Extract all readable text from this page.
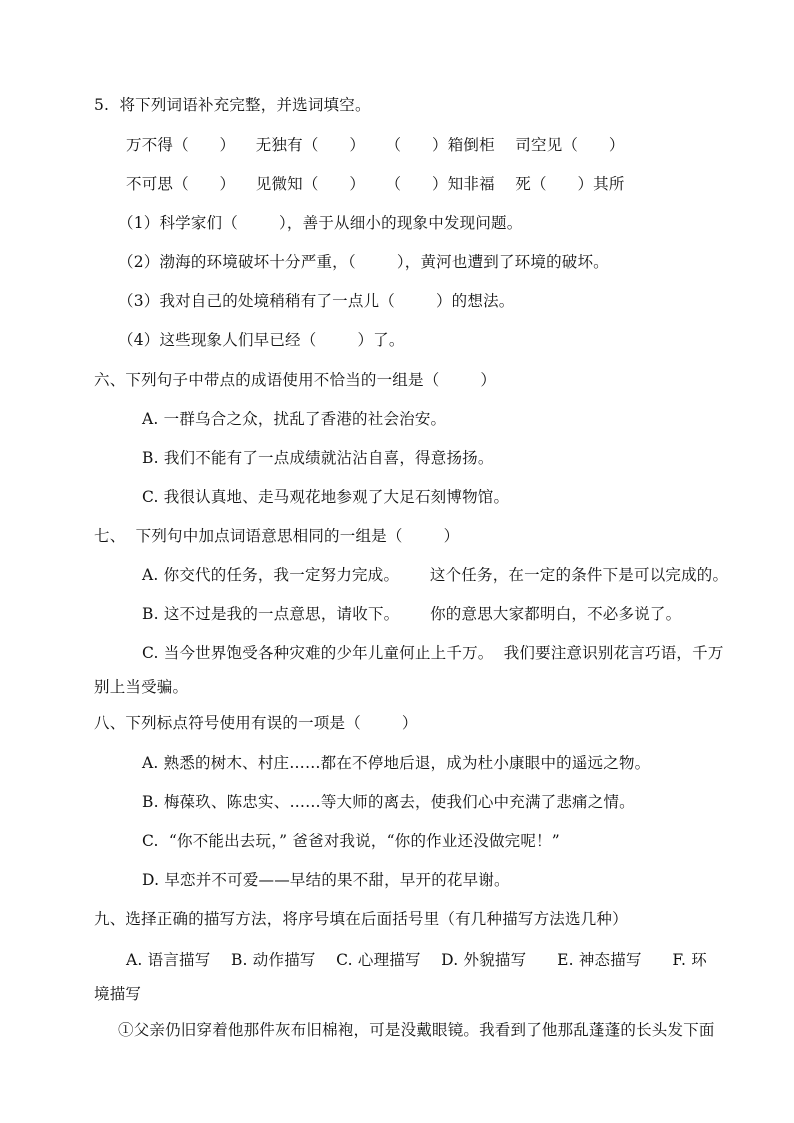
5.  将下列词语补充完整，并选词填空。
万不得（      ）    无独有（      ）    （      ）箱倒柜    司空见（      ）
不可思（      ）    见微知（      ）    （      ）知非福    死（      ）其所
（1）科学家们（        ），善于从细小的现象中发现问题。
（2）渤海的环境破坏十分严重，（        ），黄河也遭到了环境的破坏。
（3）我对自己的处境稍稍有了一点儿（        ）的想法。
（4）这些现象人们早已经（        ）了。
六、下列句子中带点的成语使用不恰当的一组是（        ）
A. 一群乌合之众，扰乱了香港的社会治安。
B. 我们不能有了一点成绩就沾沾自喜，得意扬扬。
C. 我很认真地、走马观花地参观了大足石刻博物馆。
七、  下列句中加点词语意思相同的一组是（        ）
A. 你交代的任务，我一定努力完成。      这个任务，在一定的条件下是可以完成的。
B. 这不过是我的一点意思，请收下。      你的意思大家都明白，不必多说了。
C. 当今世界饱受各种灾难的少年儿童何止上千万。  我们要注意识别花言巧语，千万
别上当受骗。
八、下列标点符号使用有误的一项是（        ）
A. 熟悉的树木、村庄……都在不停地后退，成为杜小康眼中的遥远之物。
B. 梅葆玖、陈忠实、……等大师的离去，使我们心中充满了悲痛之情。
C.  “你不能出去玩，” 爸爸对我说，“你的作业还没做完呢！”
D. 早恋并不可爱——早结的果不甜，早开的花早谢。
九、选择正确的描写方法，将序号填在后面括号里（有几种描写方法选几种）
A. 语言描写    B. 动作描写    C. 心理描写    D. 外貌描写      E. 神态描写      F. 环
境描写
①父亲仍旧穿着他那件灰布旧棉袍，可是没戴眼镜。我看到了他那乱蓬蓬的长头发下面
